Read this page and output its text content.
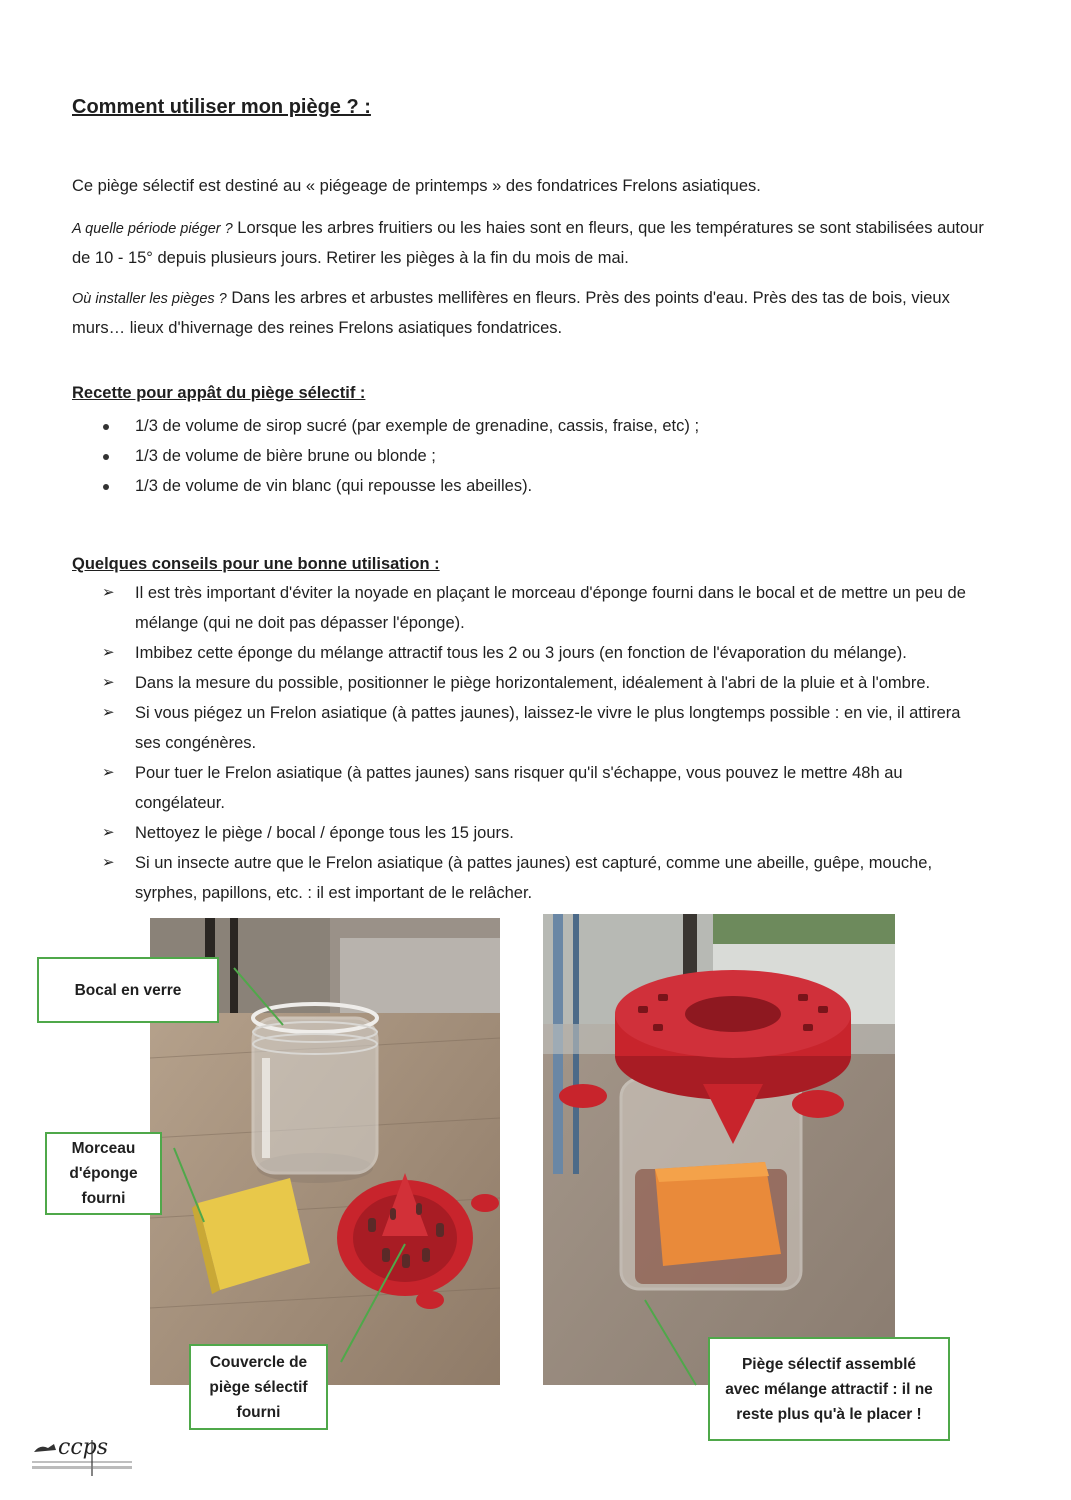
Comment utiliser mon piège ? :
Ce piège sélectif est destiné au « piégeage de printemps » des fondatrices Frelons asiatiques.
A quelle période piéger ? Lorsque les arbres fruitiers ou les haies sont en fleurs, que les températures se sont stabilisées autour de 10 - 15° depuis plusieurs jours. Retirer les pièges à la fin du mois de mai.
Où installer les pièges ? Dans les arbres et arbustes mellifères en fleurs. Près des points d'eau. Près des tas de bois, vieux murs… lieux d'hivernage des reines Frelons asiatiques fondatrices.
Recette pour appât du piège sélectif :
1/3 de volume de sirop sucré (par exemple de grenadine, cassis, fraise, etc) ;
1/3 de volume de bière brune ou blonde ;
1/3 de volume de vin blanc (qui repousse les abeilles).
Quelques conseils pour une bonne utilisation :
➢ Il est très important d'éviter la noyade en plaçant le morceau d'éponge fourni dans le bocal et de mettre un peu de mélange (qui ne doit pas dépasser l'éponge).
➢ Imbibez cette éponge du mélange attractif tous les 2 ou 3 jours (en fonction de l'évaporation du mélange).
➢ Dans la mesure du possible, positionner le piège horizontalement, idéalement à l'abri de la pluie et à l'ombre.
➢ Si vous piégez un Frelon asiatique (à pattes jaunes), laissez-le vivre le plus longtemps possible : en vie, il attirera ses congénères.
➢ Pour tuer le Frelon asiatique (à pattes jaunes) sans risquer qu'il s'échappe, vous pouvez le mettre 48h au congélateur.
➢ Nettoyez le piège / bocal / éponge tous les 15 jours.
➢ Si un insecte autre que le Frelon asiatique (à pattes jaunes) est capturé, comme une abeille, guêpe, mouche, syrphes, papillons, etc. : il est important de le relâcher.
Bocal en verre
Morceau
d'éponge
fourni
Couvercle de
piège sélectif
fourni
Piège sélectif assemblé
avec mélange attractif : il ne
reste plus qu'à le placer !
ccps
